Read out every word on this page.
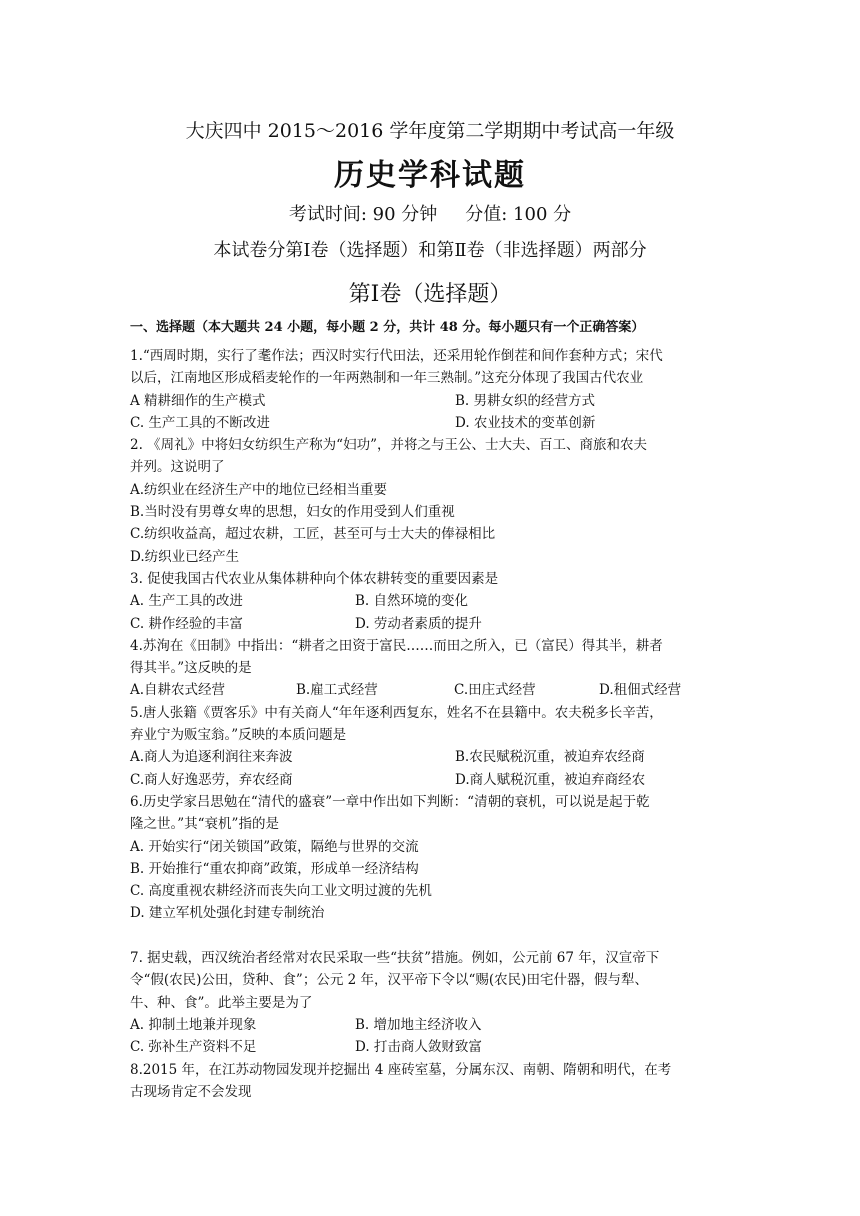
大庆四中 2015～2016 学年度第二学期期中考试高一年级
历史学科试题
考试时间: 90 分钟 分值: 100 分
本试卷分第Ⅰ卷（选择题）和第Ⅱ卷（非选择题）两部分
第Ⅰ卷（选择题）
一、选择题（本大题共 24 小题，每小题 2 分，共计 48 分。每小题只有一个正确答案）
1.“西周时期，实行了耄作法；西汉时实行代田法，还采用轮作倒茬和间作套种方式；宋代
以后，江南地区形成稻麦轮作的一年两熟制和一年三熟制。”这充分体现了我国古代农业
A 精耕细作的生产模式	B. 男耕女织的经营方式
C. 生产工具的不断改进	D. 农业技术的变革创新
2. 《周礼》中将妇女纺织生产称为“妇功”，并将之与王公、士大夫、百工、商旅和农夫
并列。这说明了
A.纺织业在经济生产中的地位已经相当重要
B.当时没有男尊女卑的思想，妇女的作用受到人们重视
C.纺织收益高，超过农耕，工匠，甚至可与士大夫的俸禄相比
D.纺织业已经产生
3. 促使我国古代农业从集体耕种向个体农耕转变的重要因素是
A. 生产工具的改进	B. 自然环境的变化
C. 耕作经验的丰富	D. 劳动者素质的提升
4.苏洵在《田制》中指出：“耕者之田资于富民……而田之所入，已（富民）得其半，耕者
得其半。”这反映的是
A.自耕农式经营	B.雇工式经营	C.田庄式经营	D.租佃式经营
5.唐人张籍《贾客乐》中有关商人“年年逐利西复东，姓名不在县籍中。农夫税多长辛苦，
弃业宁为贩宝翁。”反映的本质问题是
A.商人为追逐利润往来奔波	B.农民赋税沉重，被迫弃农经商
C.商人好逸恶劳，弃农经商	D.商人赋税沉重，被迫弃商经农
6.历史学家吕思勉在“清代的盛衰”一章中作出如下判断：“清朝的衰机，可以说是起于乾
隆之世。”其“衰机”指的是
A. 开始实行“闭关锁国”政策，隔绝与世界的交流
B. 开始推行“重农抑商”政策，形成单一经济结构
C. 高度重视农耕经济而丧失向工业文明过渡的先机
D. 建立军机处强化封建专制统治
7. 据史载，西汉统治者经常对农民采取一些“扶贫”措施。例如，公元前 67 年，汉宣帝下
令“假(农民)公田，贷种、食”；公元 2 年，汉平帝下令以“赐(农民)田宅什器，假与犁、
牛、种、食”。此举主要是为了
A. 抑制土地兼并现象	B. 增加地主经济收入
C. 弥补生产资料不足	D. 打击商人敛财致富
8.2015 年，在江苏动物园发现并挖掘出 4 座砖室墓，分属东汉、南朝、隋朝和明代，在考
古现场肯定不会发现
